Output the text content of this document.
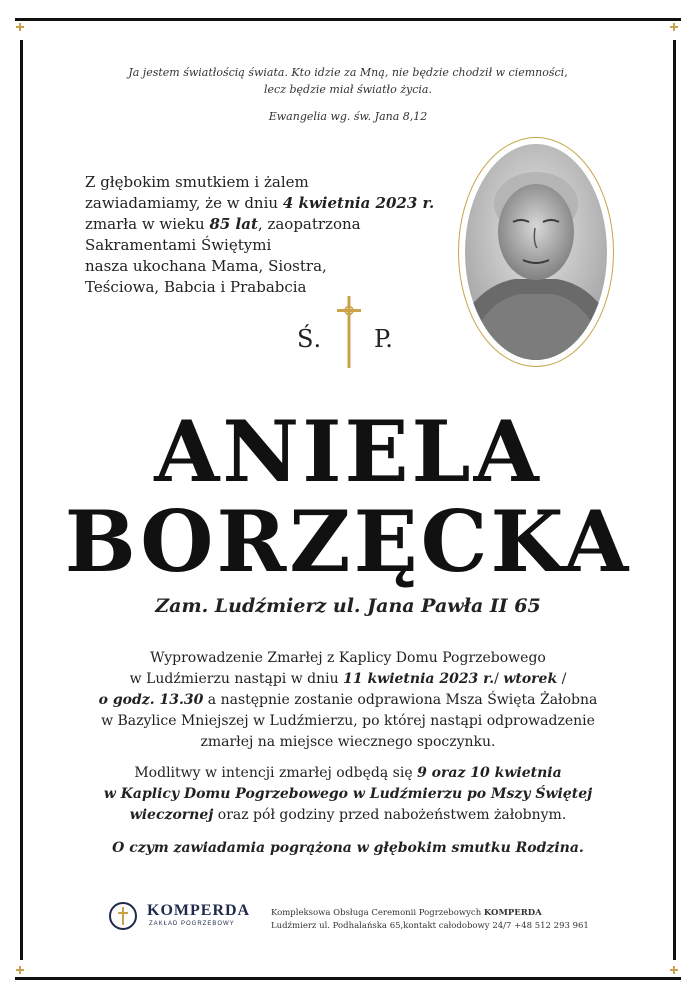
Ja jestem światłością świata. Kto idzie za Mną, nie będzie chodził w ciemności,
lecz będzie miał światło życia.
Ewangelia wg. św. Jana 8,12
Z głębokim smutkiem i żalem
zawiadamiamy, że w dniu 4 kwietnia 2023 r.
zmarła w wieku 85 lat, zaopatrzona
Sakramentami Świętymi
nasza ukochana Mama, Siostra,
Teściowa, Babcia i Prababcia
Ś. P.
ANIELA
BORZĘCKA
Zam. Ludźmierz ul. Jana Pawła II 65
Wyprowadzenie Zmarłej z Kaplicy Domu Pogrzebowego
w Ludźmierzu nastąpi w dniu 11 kwietnia 2023 r./ wtorek /
o godz. 13.30 a następnie zostanie odprawiona Msza Święta Żałobna
w Bazylice Mniejszej w Ludźmierzu, po której nastąpi odprowadzenie
zmarłej na miejsce wiecznego spoczynku.
Modlitwy w intencji zmarłej odbędą się 9 oraz 10 kwietnia
w Kaplicy Domu Pogrzebowego w Ludźmierzu po Mszy Świętej
wieczornej oraz pół godziny przed nabożeństwem żałobnym.
O czym zawiadamia pogrążona w głębokim smutku Rodzina.
KOMPERDA
ZAKŁAD POGRZEBOWY
Kompleksowa Obsługa Ceremonii Pogrzebowych KOMPERDA
Ludźmierz ul. Podhalańska 65,kontakt całodobowy 24/7 +48 512 293 961
